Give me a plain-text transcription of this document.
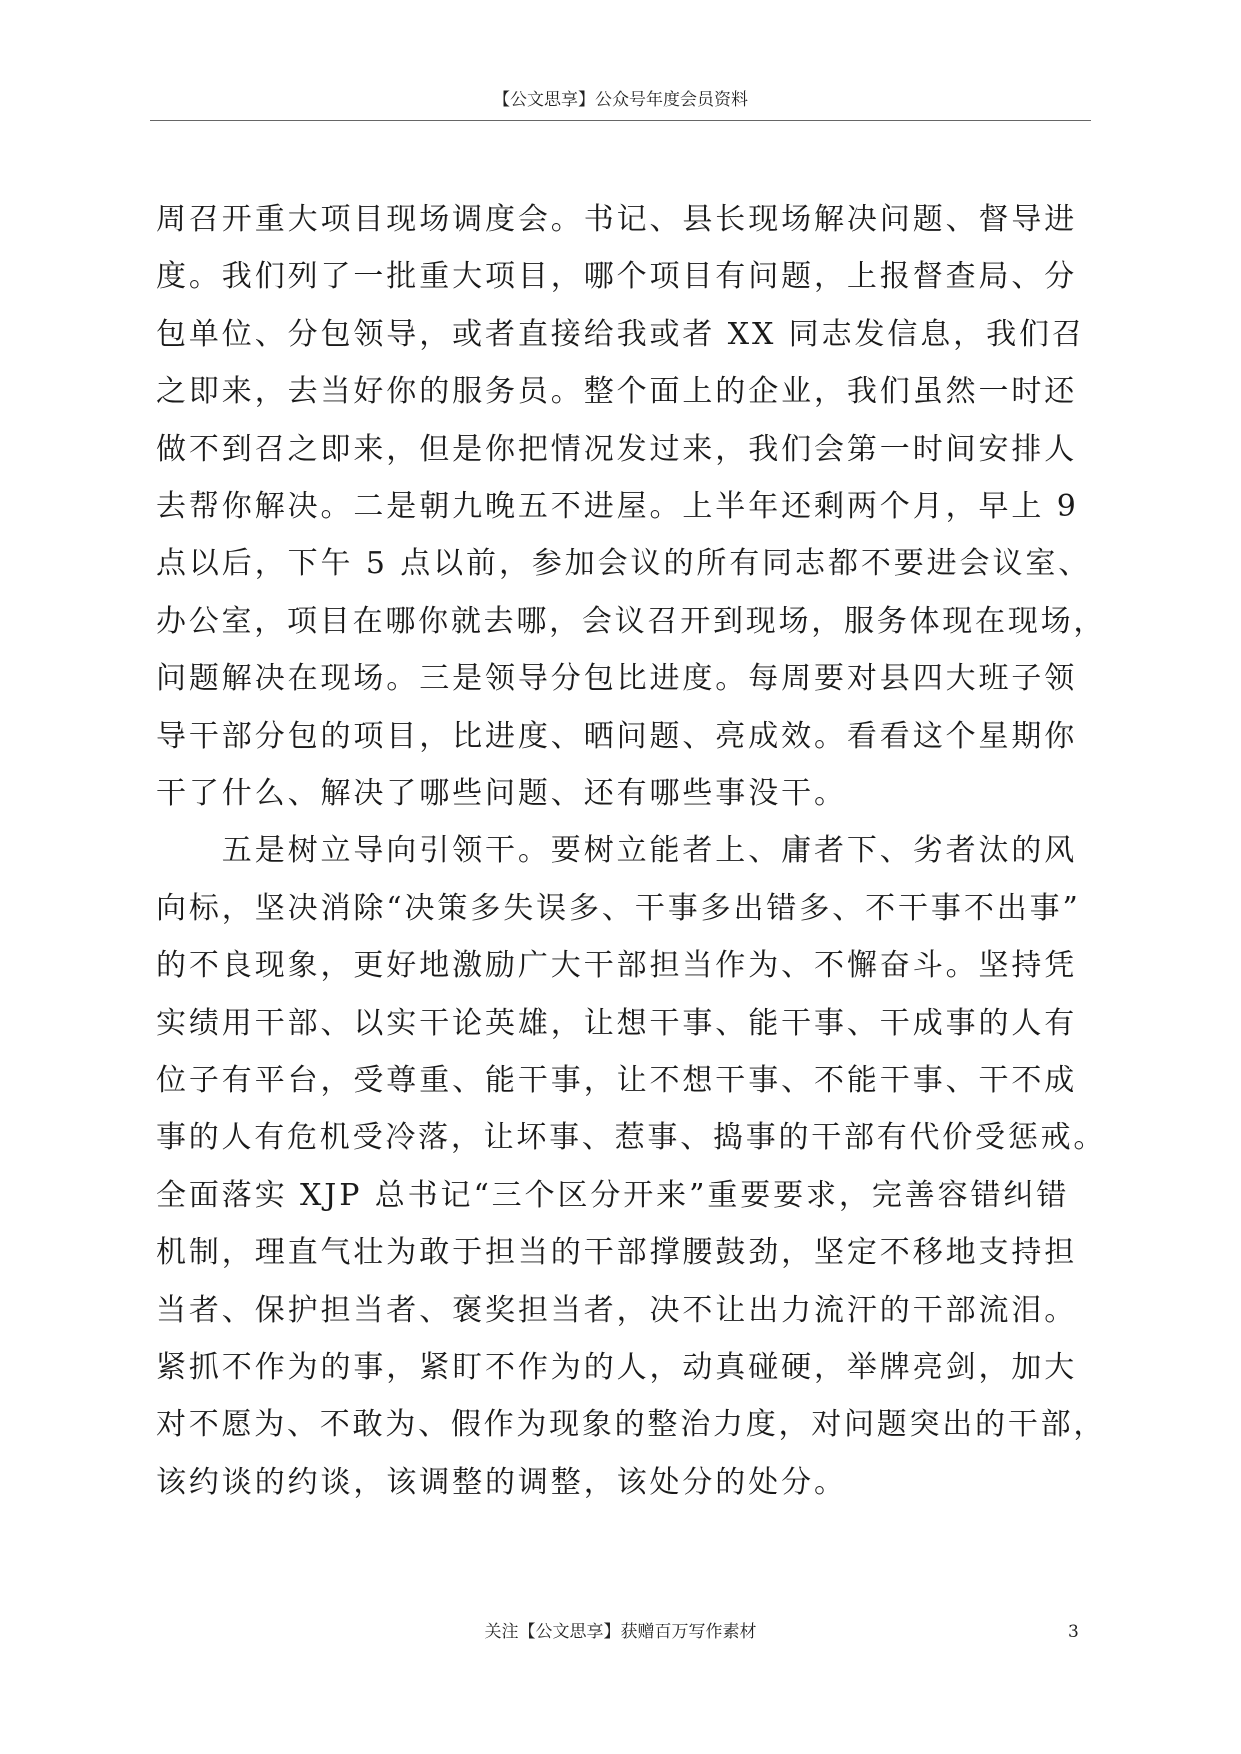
【公文思享】公众号年度会员资料
周召开重大项目现场调度会。书记、县长现场解决问题、督导进
度。我们列了一批重大项目，哪个项目有问题，上报督查局、分
包单位、分包领导，或者直接给我或者 XX 同志发信息，我们召
之即来，去当好你的服务员。整个面上的企业，我们虽然一时还
做不到召之即来，但是你把情况发过来，我们会第一时间安排人
去帮你解决。二是朝九晚五不进屋。上半年还剩两个月，早上 9
点以后，下午 5 点以前，参加会议的所有同志都不要进会议室、
办公室，项目在哪你就去哪，会议召开到现场，服务体现在现场，
问题解决在现场。三是领导分包比进度。每周要对县四大班子领
导干部分包的项目，比进度、晒问题、亮成效。看看这个星期你
干了什么、解决了哪些问题、还有哪些事没干。
　　五是树立导向引领干。要树立能者上、庸者下、劣者汰的风
向标，坚决消除“决策多失误多、干事多出错多、不干事不出事”
的不良现象，更好地激励广大干部担当作为、不懈奋斗。坚持凭
实绩用干部、以实干论英雄，让想干事、能干事、干成事的人有
位子有平台，受尊重、能干事，让不想干事、不能干事、干不成
事的人有危机受冷落，让坏事、惹事、捣事的干部有代价受惩戒。
全面落实 XJP 总书记“三个区分开来”重要要求，完善容错纠错
机制，理直气壮为敢于担当的干部撑腰鼓劲，坚定不移地支持担
当者、保护担当者、褒奖担当者，决不让出力流汗的干部流泪。
紧抓不作为的事，紧盯不作为的人，动真碰硬，举牌亮剑，加大
对不愿为、不敢为、假作为现象的整治力度，对问题突出的干部，
该约谈的约谈，该调整的调整，该处分的处分。
关注【公文思享】获赠百万写作素材	3
